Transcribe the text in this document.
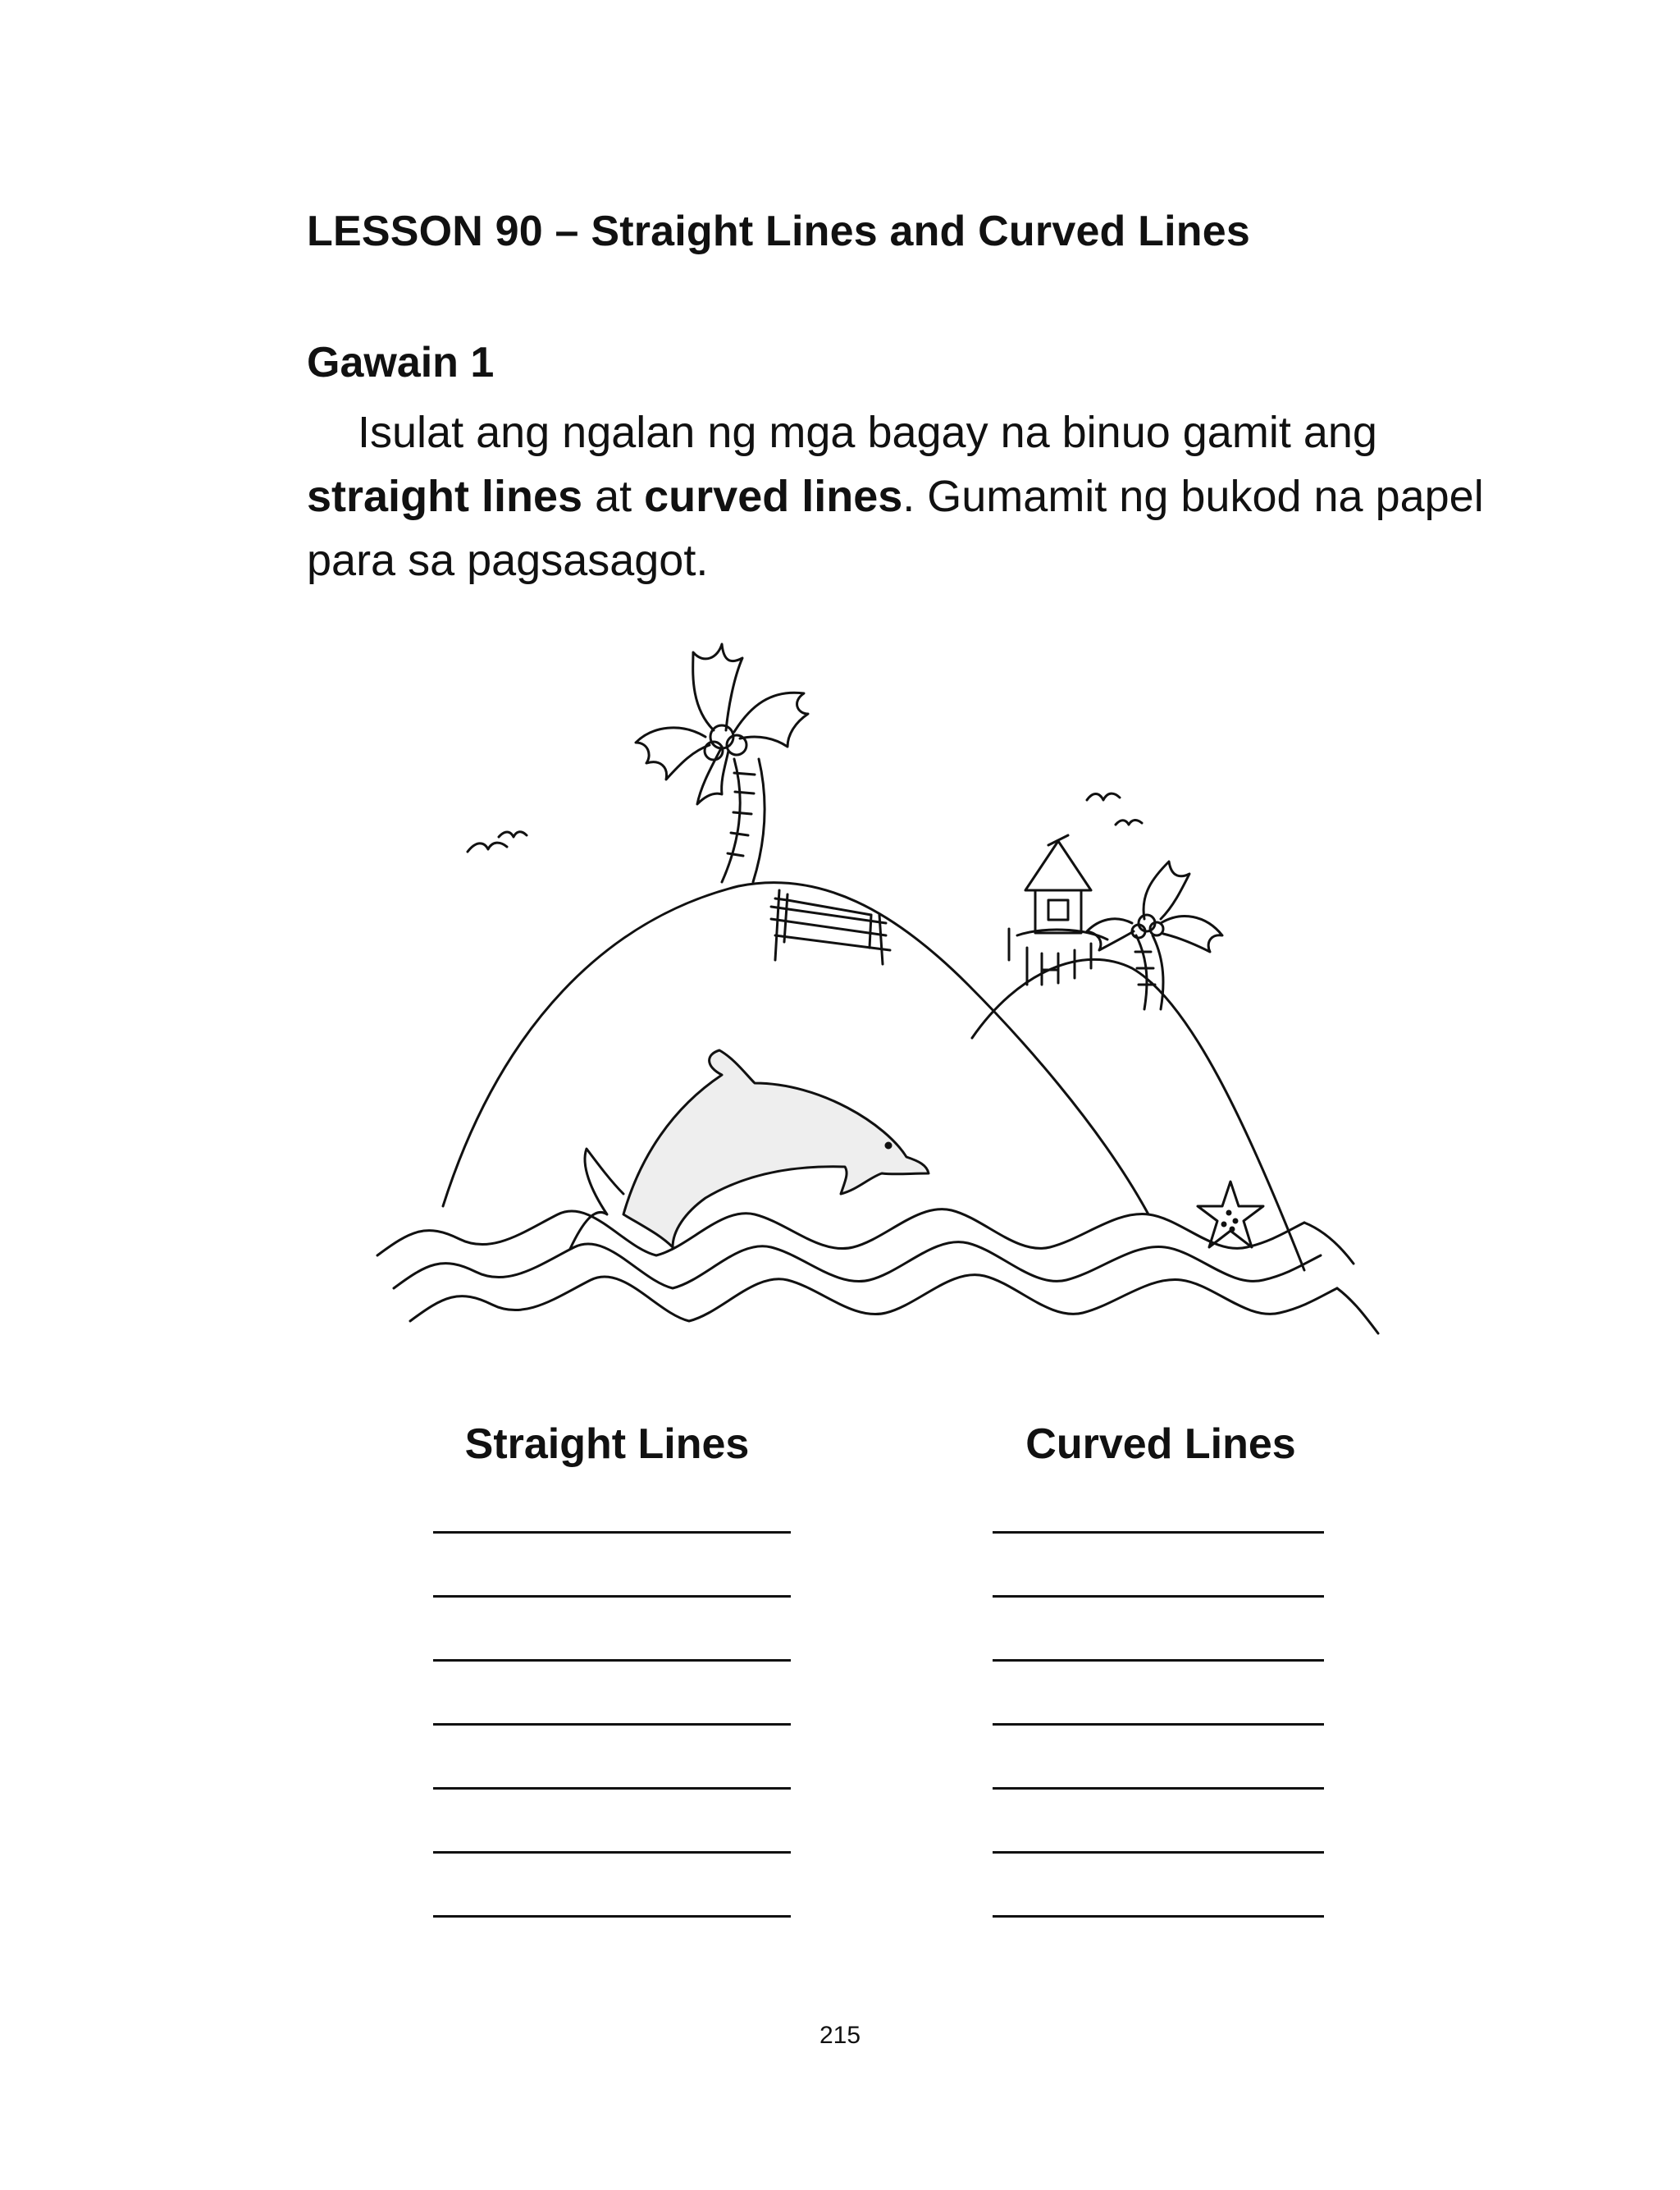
LESSON 90 – Straight Lines and Curved Lines
Gawain 1
Isulat ang ngalan ng mga bagay na binuo gamit ang straight lines at curved lines. Gumamit ng bukod na papel para sa pagsasagot.
Straight Lines	Curved Lines
215
